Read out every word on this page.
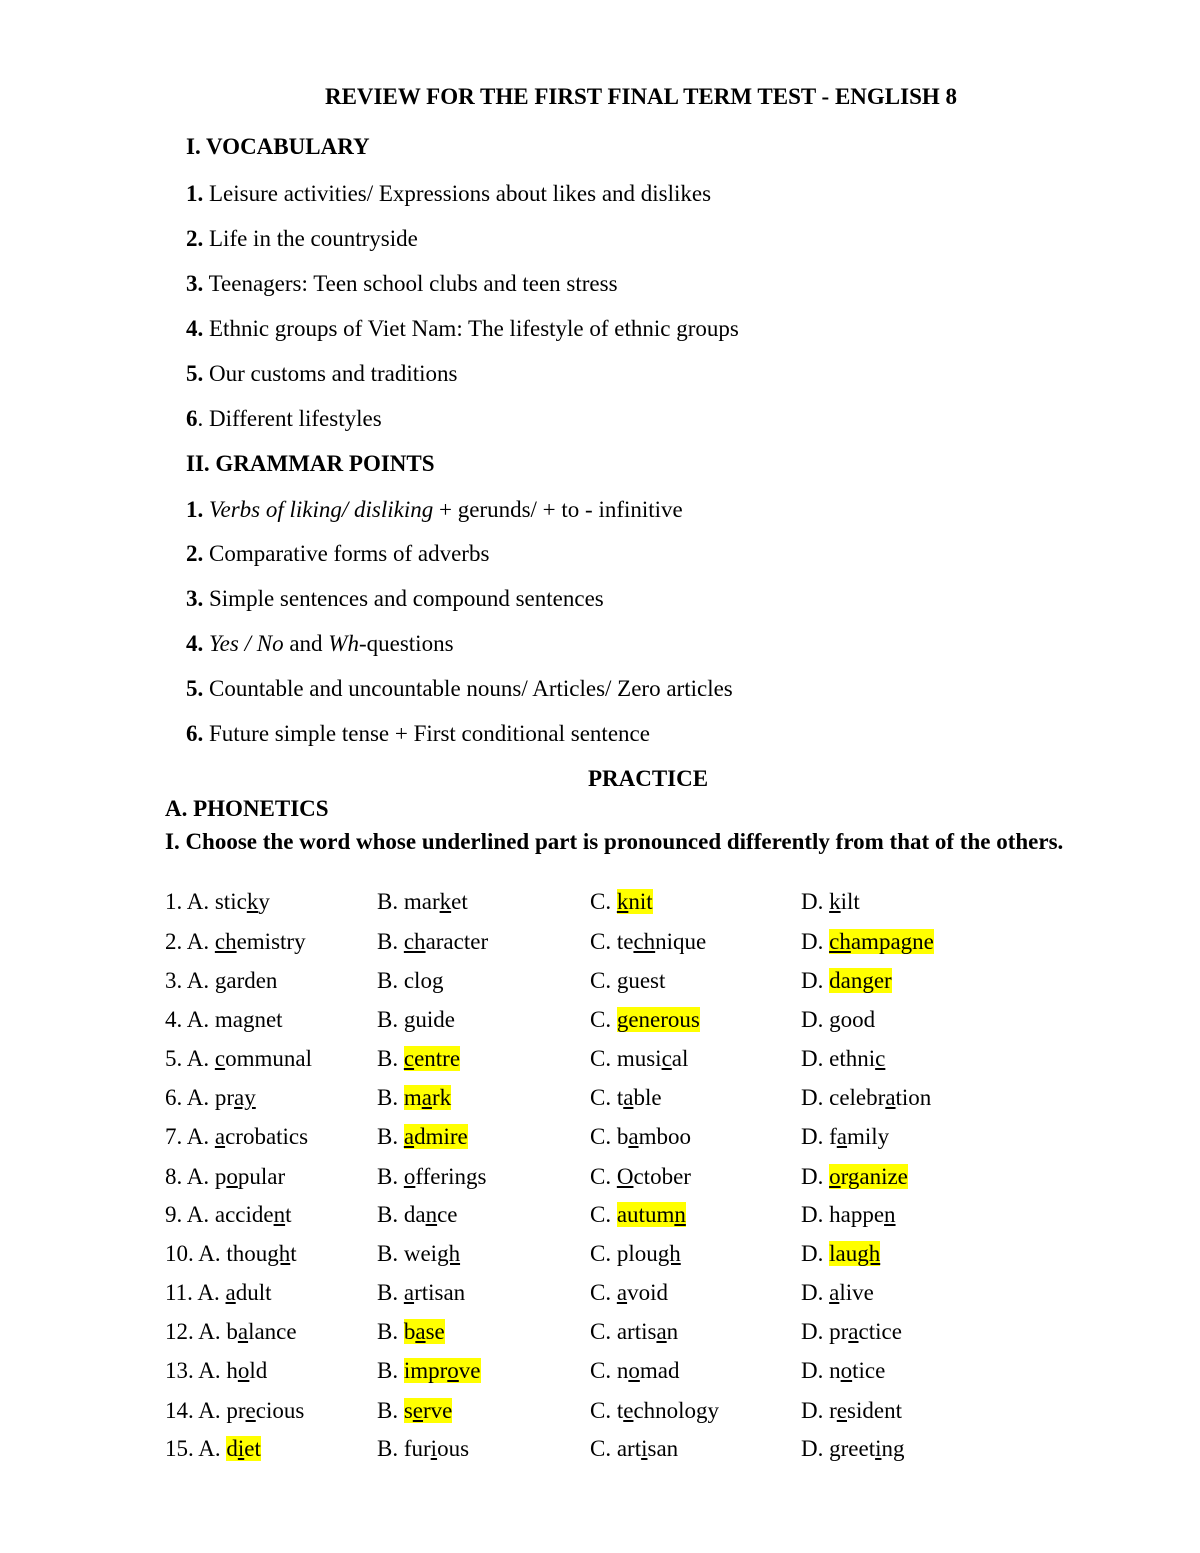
REVIEW FOR THE FIRST FINAL TERM TEST - ENGLISH 8
I. VOCABULARY
1. Leisure activities/ Expressions about likes and dislikes
2. Life in the countryside
3. Teenagers: Teen school clubs and teen stress
4. Ethnic groups of Viet Nam: The lifestyle of ethnic groups
5. Our customs and traditions
6. Different lifestyles
II. GRAMMAR POINTS
1. Verbs of liking/ disliking + gerunds/ + to - infinitive
2. Comparative forms of adverbs
3. Simple sentences and compound sentences
4. Yes / No and Wh-questions
5. Countable and uncountable nouns/ Articles/ Zero articles
6. Future simple tense + First conditional sentence
PRACTICE
A. PHONETICS
I. Choose the word whose underlined part is pronounced differently from that of the others.
1. A. sticky	B. market	C. knit	D. kilt
2. A. chemistry	B. character	C. technique	D. champagne
3. A. garden	B. clog	C. guest	D. danger
4. A. magnet	B. guide	C. generous	D. good
5. A. communal	B. centre	C. musical	D. ethnic
6. A. pray	B. mark	C. table	D. celebration
7. A. acrobatics	B. admire	C. bamboo	D. family
8. A. popular	B. offerings	C. October	D. organize
9. A. accident	B. dance	C. autumn	D. happen
10. A. thought	B. weigh	C. plough	D. laugh
11. A. adult	B. artisan	C. avoid	D. alive
12. A. balance	B. base	C. artisan	D. practice
13. A. hold	B. improve	C. nomad	D. notice
14. A. precious	B. serve	C. technology	D. resident
15. A. diet	B. furious	C. artisan	D. greeting
